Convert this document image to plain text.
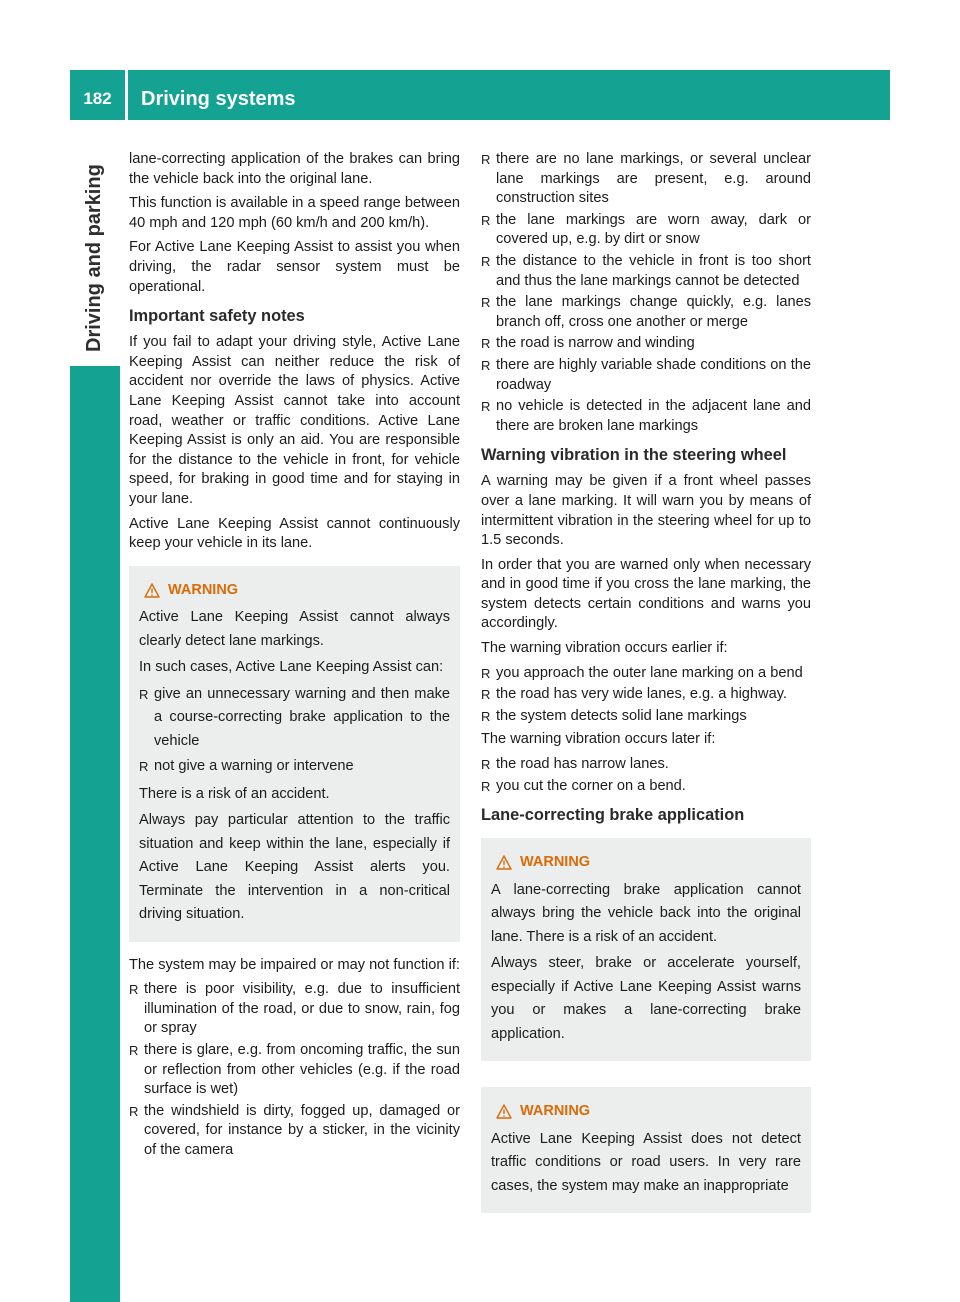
182	Driving systems
Driving and parking

lane-correcting application of the brakes can bring the vehicle back into the original lane.

This function is available in a speed range between 40 mph and 120 mph (60 km/h and 200 km/h).

For Active Lane Keeping Assist to assist you when driving, the radar sensor system must be operational.

Important safety notes

If you fail to adapt your driving style, Active Lane Keeping Assist can neither reduce the risk of accident nor override the laws of physics. Active Lane Keeping Assist cannot take into account road, weather or traffic conditions. Active Lane Keeping Assist is only an aid. You are responsible for the distance to the vehicle in front, for vehicle speed, for braking in good time and for staying in your lane.

Active Lane Keeping Assist cannot continuously keep your vehicle in its lane.

WARNING

Active Lane Keeping Assist cannot always clearly detect lane markings.

In such cases, Active Lane Keeping Assist can:

R give an unnecessary warning and then make a course-correcting brake application to the vehicle
R not give a warning or intervene

There is a risk of an accident.

Always pay particular attention to the traffic situation and keep within the lane, especially if Active Lane Keeping Assist alerts you. Terminate the intervention in a non-critical driving situation.

The system may be impaired or may not function if:

R there is poor visibility, e.g. due to insufficient illumination of the road, or due to snow, rain, fog or spray
R there is glare, e.g. from oncoming traffic, the sun or reflection from other vehicles (e.g. if the road surface is wet)
R the windshield is dirty, fogged up, damaged or covered, for instance by a sticker, in the vicinity of the camera
R there are no lane markings, or several unclear lane markings are present, e.g. around construction sites
R the lane markings are worn away, dark or covered up, e.g. by dirt or snow
R the distance to the vehicle in front is too short and thus the lane markings cannot be detected
R the lane markings change quickly, e.g. lanes branch off, cross one another or merge
R the road is narrow and winding
R there are highly variable shade conditions on the roadway
R no vehicle is detected in the adjacent lane and there are broken lane markings
Warning vibration in the steering wheel

A warning may be given if a front wheel passes over a lane marking. It will warn you by means of intermittent vibration in the steering wheel for up to 1.5 seconds.

In order that you are warned only when necessary and in good time if you cross the lane marking, the system detects certain conditions and warns you accordingly.

The warning vibration occurs earlier if:

R you approach the outer lane marking on a bend
R the road has very wide lanes, e.g. a highway.
R the system detects solid lane markings

The warning vibration occurs later if:

R the road has narrow lanes.
R you cut the corner on a bend.
Lane-correcting brake application
WARNING

A lane-correcting brake application cannot always bring the vehicle back into the original lane. There is a risk of an accident.

Always steer, brake or accelerate yourself, especially if Active Lane Keeping Assist warns you or makes a lane-correcting brake application.

WARNING

Active Lane Keeping Assist does not detect traffic conditions or road users. In very rare cases, the system may make an inappropriate
